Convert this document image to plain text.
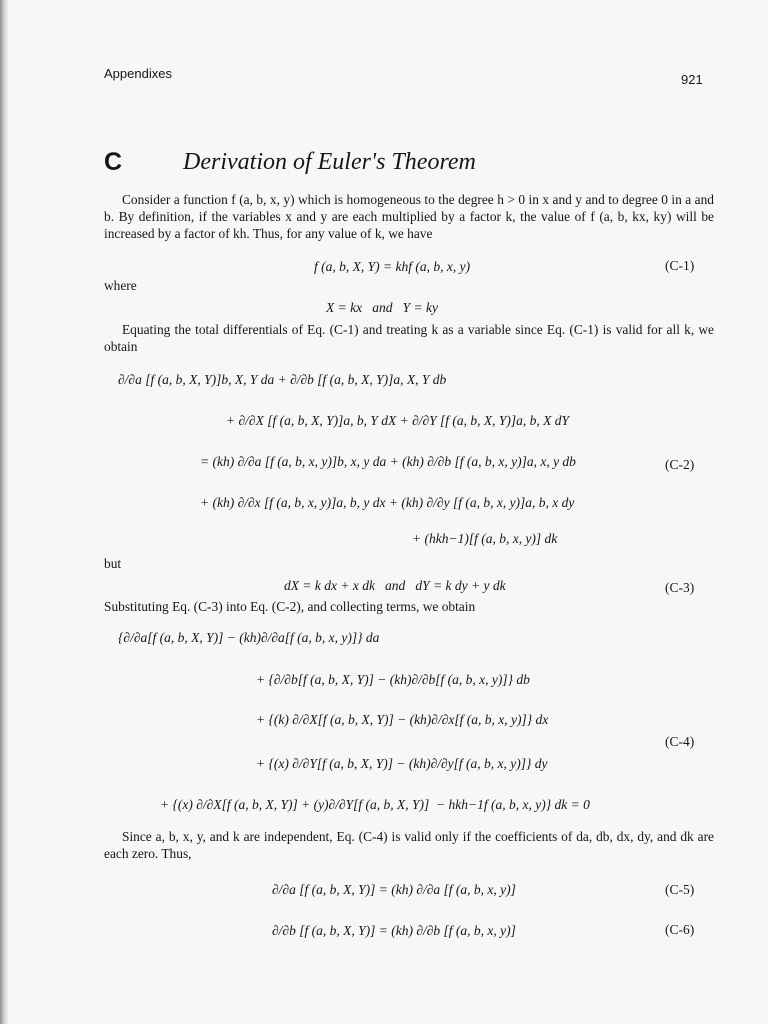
Appendixes	921
C	Derivation of Euler's Theorem
Consider a function f (a, b, x, y) which is homogeneous to the degree h > 0 in x and y and to degree 0 in a and b. By definition, if the variables x and y are each multiplied by a factor k, the value of f (a, b, kx, ky) will be increased by a factor of kh. Thus, for any value of k, we have
f (a, b, X, Y) = khf (a, b, x, y)	(C-1)
where
X = kx   and   Y = ky
Equating the total differentials of Eq. (C-1) and treating k as a variable since Eq. (C-1) is valid for all k, we obtain
∂/∂a [f (a, b, X, Y)]b, X, Y da + ∂/∂b [f (a, b, X, Y)]a, X, Y db
+ ∂/∂X [f (a, b, X, Y)]a, b, Y dX + ∂/∂Y [f (a, b, X, Y)]a, b, X dY
= (kh) ∂/∂a [f (a, b, x, y)]b, x, y da + (kh) ∂/∂b [f (a, b, x, y)]a, x, y db
+ (kh) ∂/∂x [f (a, b, x, y)]a, b, y dx + (kh) ∂/∂y [f (a, b, x, y)]a, b, x dy
+ (hkh−1)[f (a, b, x, y)] dk
(C-2)
but
dX = k dx + x dk   and   dY = k dy + y dk	(C-3)
Substituting Eq. (C-3) into Eq. (C-2), and collecting terms, we obtain
{∂/∂a[f (a, b, X, Y)] − (kh)∂/∂a[f (a, b, x, y)]} da
+ {∂/∂b[f (a, b, X, Y)] − (kh)∂/∂b[f (a, b, x, y)]} db
+ {(k) ∂/∂X[f (a, b, X, Y)] − (kh)∂/∂x[f (a, b, x, y)]} dx
+ {(x) ∂/∂Y[f (a, b, X, Y)] − (kh)∂/∂y[f (a, b, x, y)]} dy
+ {(x) ∂/∂X[f (a, b, X, Y)] + (y)∂/∂Y[f (a, b, X, Y)]  − hkh−1f (a, b, x, y)} dk = 0
(C-4)
Since a, b, x, y, and k are independent, Eq. (C-4) is valid only if the coefficients of da, db, dx, dy, and dk are each zero. Thus,
∂/∂a [f (a, b, X, Y)] = (kh) ∂/∂a [f (a, b, x, y)]	(C-5)
∂/∂b [f (a, b, X, Y)] = (kh) ∂/∂b [f (a, b, x, y)]	(C-6)
